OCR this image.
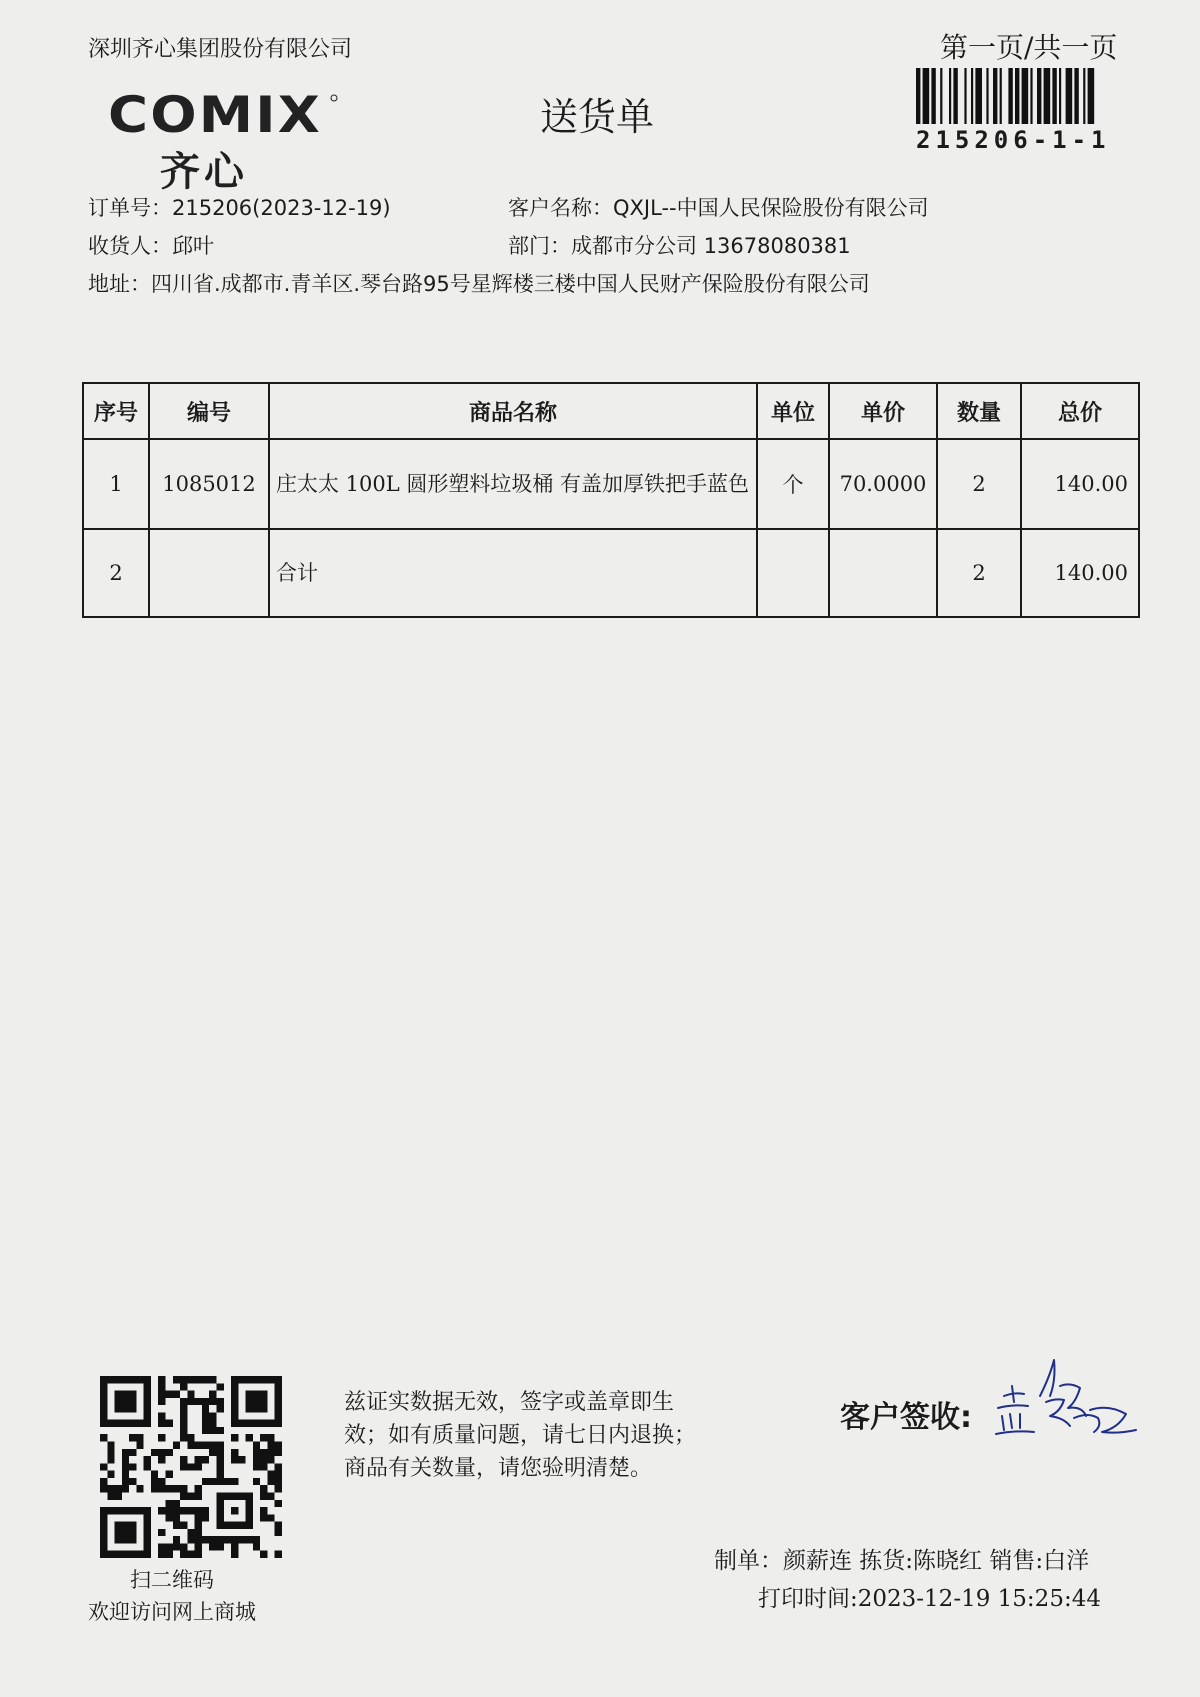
深圳齐心集团股份有限公司
COMIX
齐心
送货单
第一页/共一页
215206-1-1
订单号：215206(2023-12-19)	客户名称：QXJL--中国人民保险股份有限公司
收货人：邱叶	部门：成都市分公司 13678080381
地址：四川省.成都市.青羊区.琴台路95号星辉楼三楼中国人民财产保险股份有限公司
序号	编号	商品名称	单位	单价	数量	总价
1	1085012	庄太太 100L 圆形塑料垃圾桶 有盖加厚铁把手蓝色	个	70.0000	2	140.00
2		合计			2	140.00
扫二维码
欢迎访问网上商城
兹证实数据无效，签字或盖章即生
效；如有质量问题，请七日内退换；
商品有关数量，请您验明清楚。
客户签收:
制单：颜薪连 拣货:陈晓红 销售:白洋
打印时间:2023-12-19 15:25:44
